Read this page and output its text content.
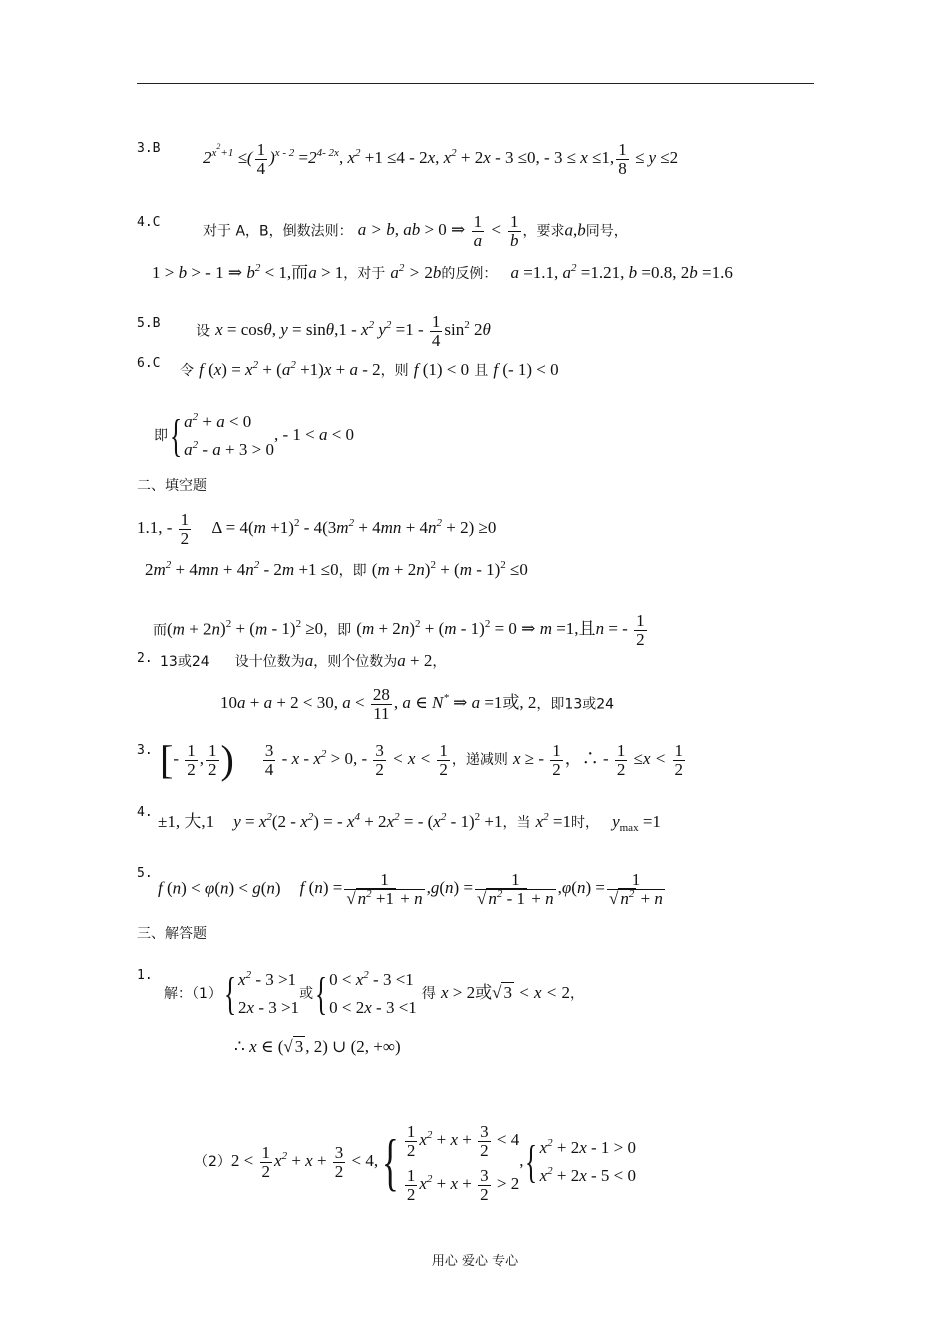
3.B	$2^{x^2+1}$ ≤( $\frac{1}{4} )^{x - 2} =2^{4- 2x}$, $x^2 +1 \le 4 - 2x$, $x^2 + 2x - 3 \le 0$, - 3 ≤ x ≤1, $\frac{1}{8} \le y \le 2$
4.C
对于 A，B，倒数法则： a > b, ab > 0 ⇒ $\frac{1}{a} < \frac{1}{b}$ ，要求a,b同号，
1 > b > - 1 ⇒ $b^2 < 1$,而a > 1，对于 $a^2 > 2b$的反例： a =1.1, $a^2 =1.21$, b =0.8, 2b =1.6
5.B	设 x = cosθ, $y = \sin\theta,1 - x^2$ $y^2 =1 - \frac{1}{4} \sin^2 2\theta$
6.C 令 f $(x) = x^2 + (a^2 +1)x + a - 2$，则 f (1) < 0 且 f (- 1) < 0
即{ $a^2 + a < 0$
$a^2 - a + 3 > 0$
, - 1 < a < 0
二、填空题
1.1, - $\frac{1}{2}$ $\Delta = 4(m +1)^2 - 4(3m^2 + 4mn + 4n^2 + 2) \ge 0$
$2m^2 + 4mn + 4n^2 - 2m +1 \le 0$，即 $(m + 2n)^2 + (m - 1)^2 \le 0$
而$(m + 2n)^2 + (m - 1)^2 \ge 0$，即 $(m + 2n)^2 + (m - 1)^2 = 0$ ⇒ m =1,且n = - $\frac{1}{2}$
2. 13或24 设十位数为a，则个位数为a + 2，
10a + a + 2 < 30, $a < \frac{28}{11}$ , a ∈ N* ⇒ a =1或, 2，即13或24
3. [- $\frac{1}{2}$ , $\frac{1}{2}$ ) $\frac{3}{4} - x - x^2 > 0$, - $\frac{3}{2} < x < \frac{1}{2}$ ，递减则 x ≥ - $\frac{1}{2}$ ，∴ - $\frac{1}{2} \le x < \frac{1}{2}$
4. ±1, 大,1 $y = x^2(2 - x^2)$ = - $x^4 + 2x^2$ = - $(x^2 - 1)^2 +1$，当 $x^2 =1$时， $y_{max} =1$
5.
f (n) < φ(n) < g(n) f $(n) = \frac{1}{√ n^2 +1 + n} ,g(n) = \frac{1}{√ n^2 - 1 + n} ,\varphi(n) = \frac{1}{√ n^2 + n}$
三、解答题
1.
解：（1）{ $x^2 - 3 >1$
2x - 3 >1
或{ $0 < x^2 - 3 <1$
0 < 2x - 3 <1
得 x > 2或√ 3 < x < 2，
∴ x ∈ (√ 3 , 2) ∪ (2, +∞)
$(2)2 < \frac{1}{2} x^2 + x + \frac{3}{2} < 4,\{ \frac{1}{2} x^2 + x + \frac{3}{2} < 4$
$\frac{1}{2} x^2 + x + \frac{3}{2} > 2$
,{ $x^2 + 2x - 1 > 0$
$x^2 + 2x - 5 < 0$
用心 爱心 专心
